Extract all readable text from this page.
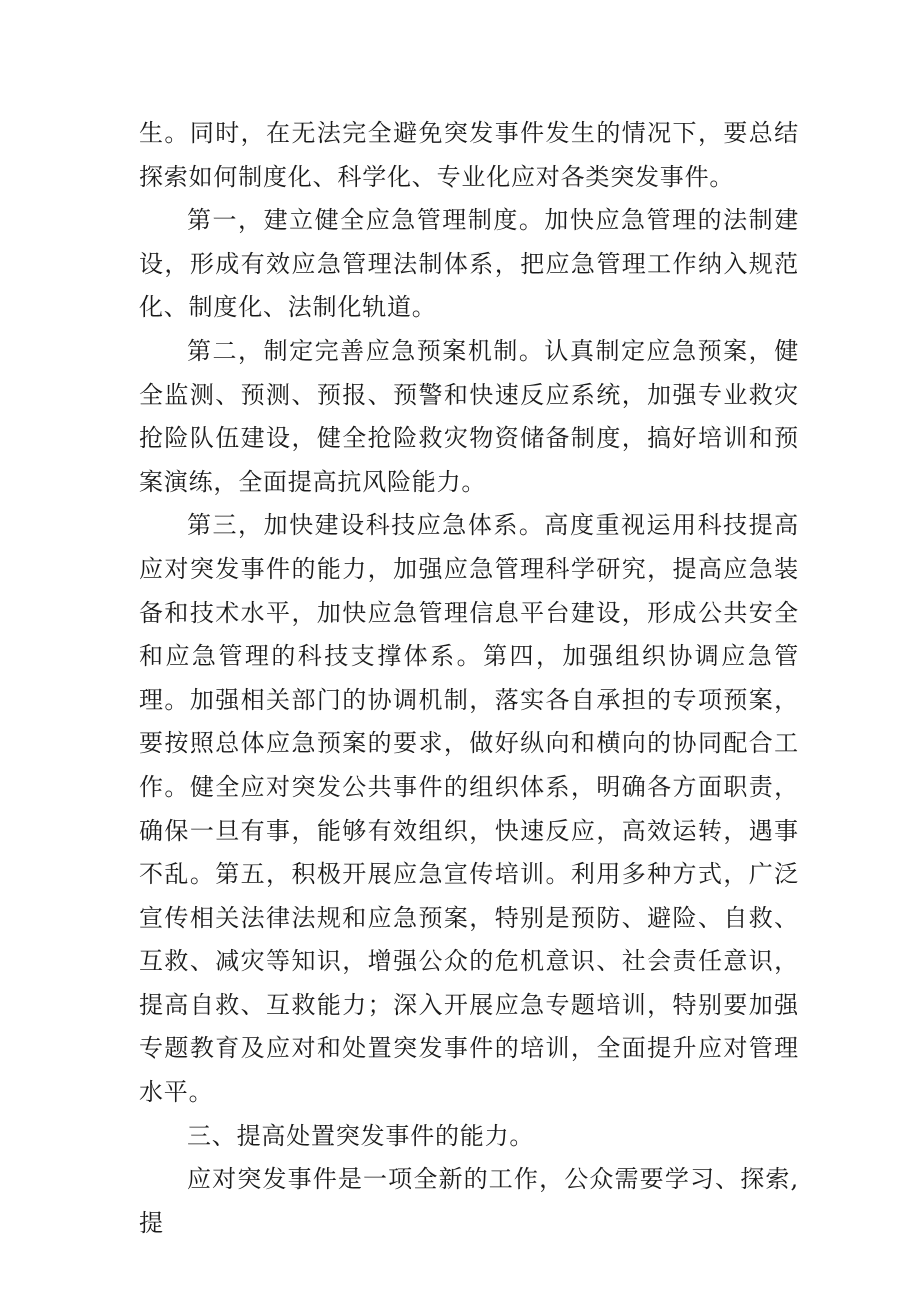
生。同时，在无法完全避免突发事件发生的情况下，要总结探索如何制度化、科学化、专业化应对各类突发事件。

第一，建立健全应急管理制度。加快应急管理的法制建设，形成有效应急管理法制体系，把应急管理工作纳入规范化、制度化、法制化轨道。

第二，制定完善应急预案机制。认真制定应急预案，健全监测、预测、预报、预警和快速反应系统，加强专业救灾抢险队伍建设，健全抢险救灾物资储备制度，搞好培训和预案演练，全面提高抗风险能力。

第三，加快建设科技应急体系。高度重视运用科技提高应对突发事件的能力，加强应急管理科学研究，提高应急装备和技术水平，加快应急管理信息平台建设，形成公共安全和应急管理的科技支撑体系。第四，加强组织协调应急管理。加强相关部门的协调机制，落实各自承担的专项预案，要按照总体应急预案的要求，做好纵向和横向的协同配合工作。健全应对突发公共事件的组织体系，明确各方面职责，确保一旦有事，能够有效组织，快速反应，高效运转，遇事不乱。第五，积极开展应急宣传培训。利用多种方式，广泛宣传相关法律法规和应急预案，特别是预防、避险、自救、互救、减灾等知识，增强公众的危机意识、社会责任意识，提高自救、互救能力；深入开展应急专题培训，特别要加强专题教育及应对和处置突发事件的培训，全面提升应对管理水平。

三、提高处置突发事件的能力。

应对突发事件是一项全新的工作，公众需要学习、探索,提
